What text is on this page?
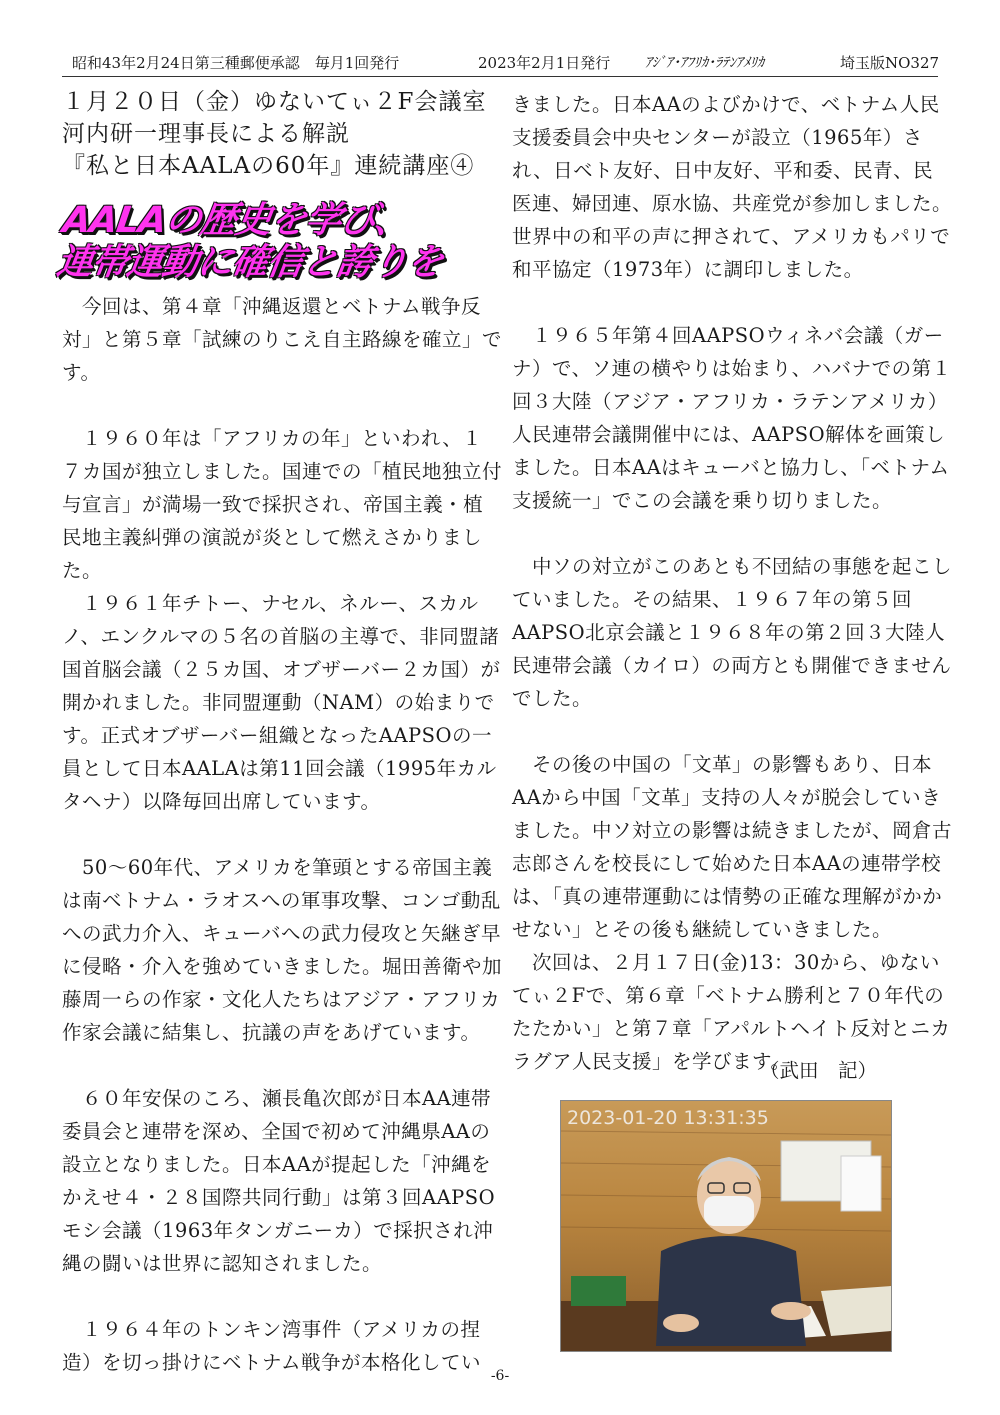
昭和43年2月24日第三種郵便承認　毎月1回発行	2023年2月1日発行 ｱｼﾞｱ･ｱﾌﾘｶ･ﾗﾃﾝｱﾒﾘｶ	埼玉版NO327
１月２０日（金）ゆないてぃ２F会議室
河内研一理事長による解説
『私と日本AALAの60年』連続講座④
AALAの歴史を学び、
連帯運動に確信と誇りを

　今回は、第４章「沖縄返還とベトナム戦争反対」と第５章「試練のりこえ自主路線を確立」です。

　１９６０年は「アフリカの年」といわれ、１７カ国が独立しました。国連での「植民地独立付与宣言」が満場一致で採択され、帝国主義・植民地主義糾弾の演説が炎として燃えさかりました。

　１９６１年チトー、ナセル、ネルー、スカルノ、エンクルマの５名の首脳の主導で、非同盟諸国首脳会議（２５カ国、オブザーバー２カ国）が開かれました。非同盟運動（NAM）の始まりです。正式オブザーバー組織となったAAPSOの一員として日本AALAは第11回会議（1995年カルタヘナ）以降毎回出席しています。

　50〜60年代、アメリカを筆頭とする帝国主義は南ベトナム・ラオスへの軍事攻撃、コンゴ動乱への武力介入、キューバへの武力侵攻と矢継ぎ早に侵略・介入を強めていきました。堀田善衛や加藤周一らの作家・文化人たちはアジア・アフリカ作家会議に結集し、抗議の声をあげています。

　６０年安保のころ、瀬長亀次郎が日本AA連帯委員会と連帯を深め、全国で初めて沖縄県AAの設立となりました。日本AAが提起した「沖縄をかえせ４・２８国際共同行動」は第３回AAPSOモシ会議（1963年タンガニーカ）で採択され沖縄の闘いは世界に認知されました。

　１９６４年のトンキン湾事件（アメリカの捏造）を切っ掛けにベトナム戦争が本格化してい

きました。日本AAのよびかけで、ベトナム人民支援委員会中央センターが設立（1965年）され、日ベト友好、日中友好、平和委、民青、民医連、婦団連、原水協、共産党が参加しました。世界中の和平の声に押されて、アメリカもパリで和平協定（1973年）に調印しました。

　１９６５年第４回AAPSOウィネバ会議（ガーナ）で、ソ連の横やりは始まり、ハバナでの第１回３大陸（アジア・アフリカ・ラテンアメリカ）人民連帯会議開催中には、AAPSO解体を画策しました。日本AAはキューバと協力し、「ベトナム支援統一」でこの会議を乗り切りました。

　中ソの対立がこのあとも不団結の事態を起こしていました。その結果、１９６７年の第５回AAPSO北京会議と１９６８年の第２回３大陸人民連帯会議（カイロ）の両方とも開催できませんでした。

　その後の中国の「文革」の影響もあり、日本AAから中国「文革」支持の人々が脱会していきました。中ソ対立の影響は続きましたが、岡倉古志郎さんを校長にして始めた日本AAの連帯学校は、「真の連帯運動には情勢の正確な理解がかかせない」とその後も継続していきました。

　次回は、２月１７日(金)13：30から、ゆないてぃ２Fで、第６章「ベトナム勝利と７０年代のたたかい」と第７章「アパルトヘイト反対とニカラグア人民支援」を学びます。

（武田　記）
2023-01-20 13:31:35
-6-
